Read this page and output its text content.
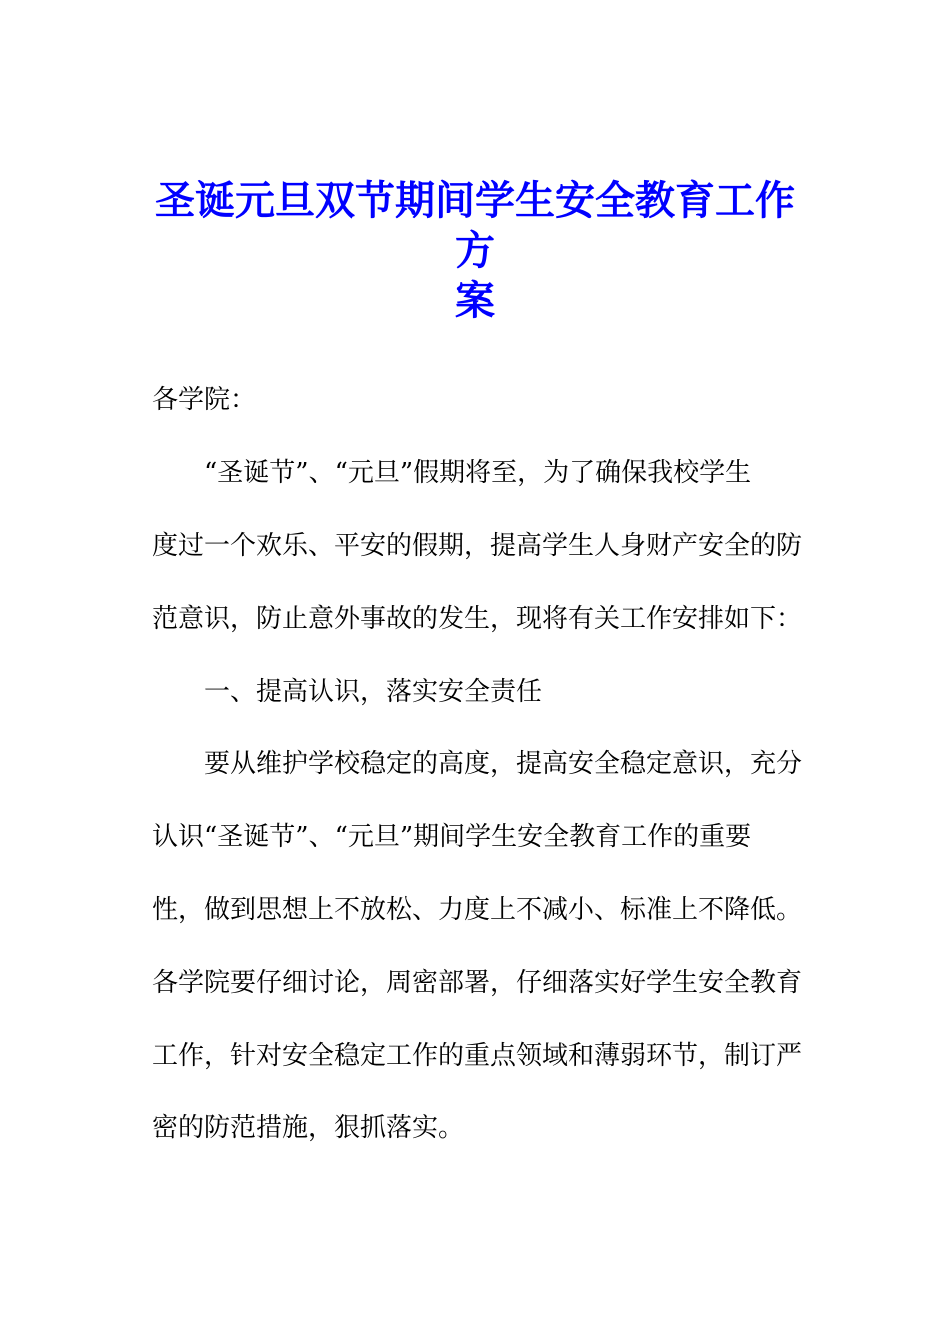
圣诞元旦双节期间学生安全教育工作方
案
各学院：
“圣诞节”、“元旦”假期将至，为了确保我校学生
度过一个欢乐、平安的假期，提高学生人身财产安全的防
范意识，防止意外事故的发生，现将有关工作安排如下：
一、提高认识，落实安全责任
要从维护学校稳定的高度，提高安全稳定意识，充分
认识“圣诞节”、“元旦”期间学生安全教育工作的重要
性，做到思想上不放松、力度上不减小、标准上不降低。
各学院要仔细讨论，周密部署，仔细落实好学生安全教育
工作，针对安全稳定工作的重点领域和薄弱环节，制订严
密的防范措施，狠抓落实。
